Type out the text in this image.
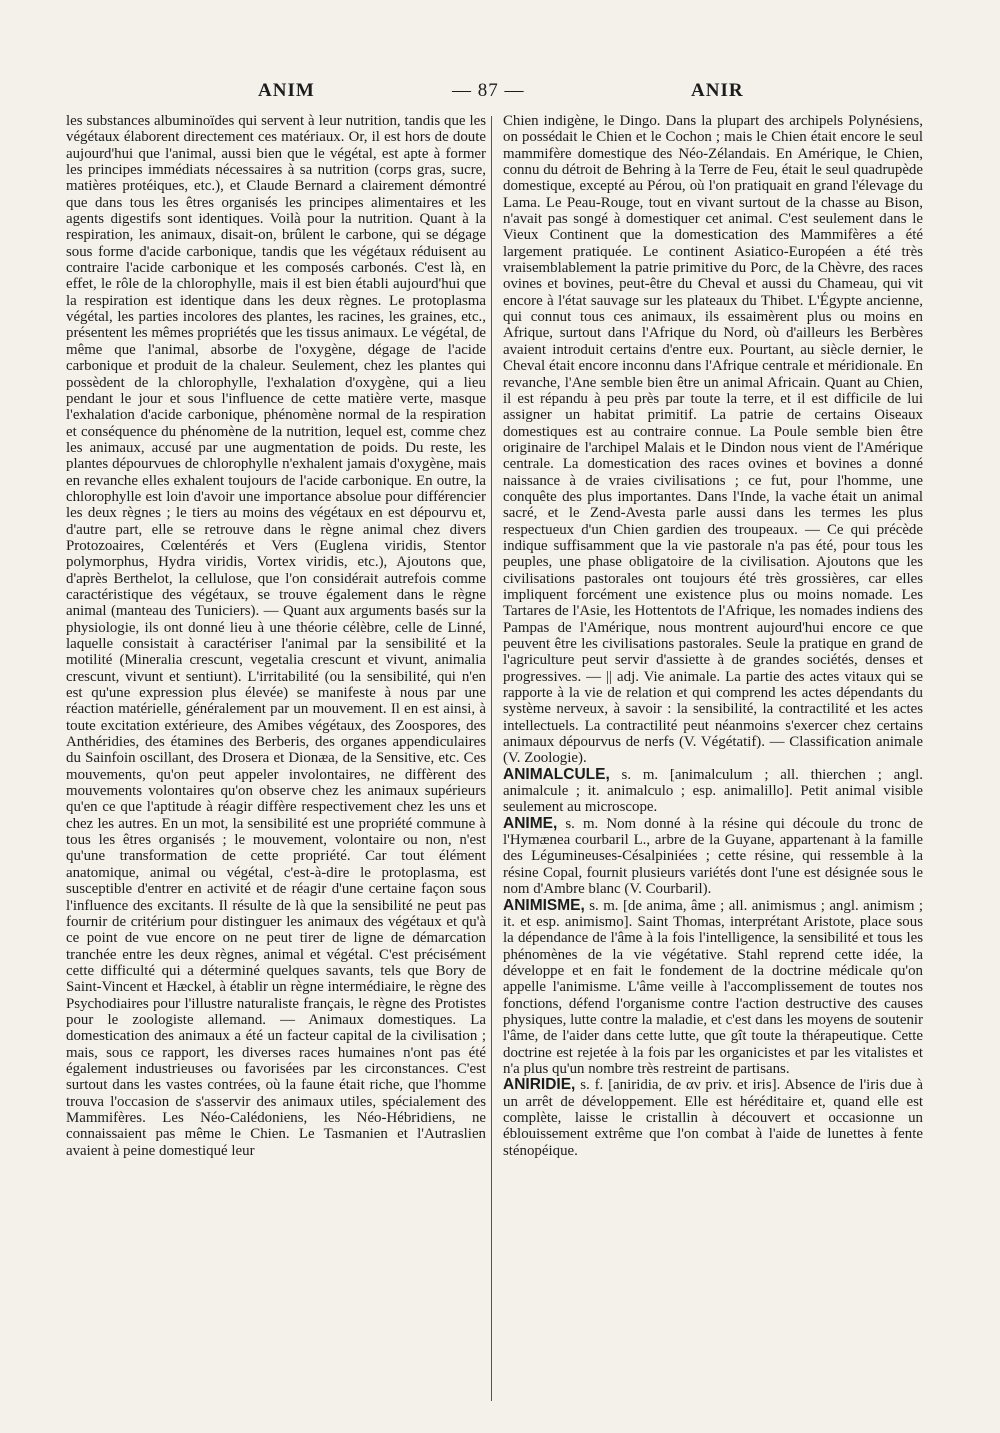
ANIM	— 87 —	ANIR

les substances albuminoïdes qui servent à leur nutrition, tandis que les végétaux élaborent directement ces matériaux. Or, il est hors de doute aujourd'hui que l'animal, aussi bien que le végétal, est apte à former les principes immédiats nécessaires à sa nutrition (corps gras, sucre, matières protéiques, etc.), et Claude Bernard a clairement démontré que dans tous les êtres organisés les principes alimentaires et les agents digestifs sont identiques. Voilà pour la nutrition. Quant à la respiration, les animaux, disait-on, brûlent le carbone, qui se dégage sous forme d'acide carbonique, tandis que les végétaux réduisent au contraire l'acide carbonique et les composés carbonés. C'est là, en effet, le rôle de la chlorophylle, mais il est bien établi aujourd'hui que la respiration est identique dans les deux règnes. Le protoplasma végétal, les parties incolores des plantes, les racines, les graines, etc., présentent les mêmes propriétés que les tissus animaux. Le végétal, de même que l'animal, absorbe de l'oxygène, dégage de l'acide carbonique et produit de la chaleur. Seulement, chez les plantes qui possèdent de la chlorophylle, l'exhalation d'oxygène, qui a lieu pendant le jour et sous l'influence de cette matière verte, masque l'exhalation d'acide carbonique, phénomène normal de la respiration et conséquence du phénomène de la nutrition, lequel est, comme chez les animaux, accusé par une augmentation de poids. Du reste, les plantes dépourvues de chlorophylle n'exhalent jamais d'oxygène, mais en revanche elles exhalent toujours de l'acide carbonique. En outre, la chlorophylle est loin d'avoir une importance absolue pour différencier les deux règnes ; le tiers au moins des végétaux en est dépourvu et, d'autre part, elle se retrouve dans le règne animal chez divers Protozoaires, Cœlentérés et Vers (Euglena viridis, Stentor polymorphus, Hydra viridis, Vortex viridis, etc.), Ajoutons que, d'après Berthelot, la cellulose, que l'on considérait autrefois comme caractéristique des végétaux, se trouve également dans le règne animal (manteau des Tuniciers). — Quant aux arguments basés sur la physiologie, ils ont donné lieu à une théorie célèbre, celle de Linné, laquelle consistait à caractériser l'animal par la sensibilité et la motilité (Mineralia crescunt, vegetalia crescunt et vivunt, animalia crescunt, vivunt et sentiunt). L'irritabilité (ou la sensibilité, qui n'en est qu'une expression plus élevée) se manifeste à nous par une réaction matérielle, généralement par un mouvement. Il en est ainsi, à toute excitation extérieure, des Amibes végétaux, des Zoospores, des Anthéridies, des étamines des Berberis, des organes appendiculaires du Sainfoin oscillant, des Drosera et Dionæa, de la Sensitive, etc. Ces mouvements, qu'on peut appeler involontaires, ne diffèrent des mouvements volontaires qu'on observe chez les animaux supérieurs qu'en ce que l'aptitude à réagir diffère respectivement chez les uns et chez les autres. En un mot, la sensibilité est une propriété commune à tous les êtres organisés ; le mouvement, volontaire ou non, n'est qu'une transformation de cette propriété. Car tout élément anatomique, animal ou végétal, c'est-à-dire le protoplasma, est susceptible d'entrer en activité et de réagir d'une certaine façon sous l'influence des excitants. Il résulte de là que la sensibilité ne peut pas fournir de critérium pour distinguer les animaux des végétaux et qu'à ce point de vue encore on ne peut tirer de ligne de démarcation tranchée entre les deux règnes, animal et végétal. C'est précisément cette difficulté qui a déterminé quelques savants, tels que Bory de Saint-Vincent et Hæckel, à établir un règne intermédiaire, le règne des Psychodiaires pour l'illustre naturaliste français, le règne des Protistes pour le zoologiste allemand. — Animaux domestiques. La domestication des animaux a été un facteur capital de la civilisation ; mais, sous ce rapport, les diverses races humaines n'ont pas été également industrieuses ou favorisées par les circonstances. C'est surtout dans les vastes contrées, où la faune était riche, que l'homme trouva l'occasion de s'asservir des animaux utiles, spécialement des Mammifères. Les Néo-Calédoniens, les Néo-Hébridiens, ne connaissaient pas même le Chien. Le Tasmanien et l'Autraslien avaient à peine domestiqué leur

Chien indigène, le Dingo. Dans la plupart des archipels Polynésiens, on possédait le Chien et le Cochon ; mais le Chien était encore le seul mammifère domestique des Néo-Zélandais. En Amérique, le Chien, connu du détroit de Behring à la Terre de Feu, était le seul quadrupède domestique, excepté au Pérou, où l'on pratiquait en grand l'élevage du Lama. Le Peau-Rouge, tout en vivant surtout de la chasse au Bison, n'avait pas songé à domestiquer cet animal. C'est seulement dans le Vieux Continent que la domestication des Mammifères a été largement pratiquée. Le continent Asiatico-Européen a été très vraisemblablement la patrie primitive du Porc, de la Chèvre, des races ovines et bovines, peut-être du Cheval et aussi du Chameau, qui vit encore à l'état sauvage sur les plateaux du Thibet. L'Égypte ancienne, qui connut tous ces animaux, ils essaimèrent plus ou moins en Afrique, surtout dans l'Afrique du Nord, où d'ailleurs les Berbères avaient introduit certains d'entre eux. Pourtant, au siècle dernier, le Cheval était encore inconnu dans l'Afrique centrale et méridionale. En revanche, l'Ane semble bien être un animal Africain. Quant au Chien, il est répandu à peu près par toute la terre, et il est difficile de lui assigner un habitat primitif. La patrie de certains Oiseaux domestiques est au contraire connue. La Poule semble bien être originaire de l'archipel Malais et le Dindon nous vient de l'Amérique centrale. La domestication des races ovines et bovines a donné naissance à de vraies civilisations ; ce fut, pour l'homme, une conquête des plus importantes. Dans l'Inde, la vache était un animal sacré, et le Zend-Avesta parle aussi dans les termes les plus respectueux d'un Chien gardien des troupeaux. — Ce qui précède indique suffisamment que la vie pastorale n'a pas été, pour tous les peuples, une phase obligatoire de la civilisation. Ajoutons que les civilisations pastorales ont toujours été très grossières, car elles impliquent forcément une existence plus ou moins nomade. Les Tartares de l'Asie, les Hottentots de l'Afrique, les nomades indiens des Pampas de l'Amérique, nous montrent aujourd'hui encore ce que peuvent être les civilisations pastorales. Seule la pratique en grand de l'agriculture peut servir d'assiette à de grandes sociétés, denses et progressives. — || adj. Vie animale. La partie des actes vitaux qui se rapporte à la vie de relation et qui comprend les actes dépendants du système nerveux, à savoir : la sensibilité, la contractilité et les actes intellectuels. La contractilité peut néanmoins s'exercer chez certains animaux dépourvus de nerfs (V. Végétatif). — Classification animale (V. Zoologie).

ANIMALCULE, s. m. [animalculum ; all. thierchen ; angl. animalcule ; it. animalculo ; esp. animalillo]. Petit animal visible seulement au microscope.

ANIME, s. m. Nom donné à la résine qui découle du tronc de l'Hymænea courbaril L., arbre de la Guyane, appartenant à la famille des Légumineuses-Césalpiniées ; cette résine, qui ressemble à la résine Copal, fournit plusieurs variétés dont l'une est désignée sous le nom d'Ambre blanc (V. Courbaril).

ANIMISME, s. m. [de anima, âme ; all. animismus ; angl. animism ; it. et esp. animismo]. Saint Thomas, interprétant Aristote, place sous la dépendance de l'âme à la fois l'intelligence, la sensibilité et tous les phénomènes de la vie végétative. Stahl reprend cette idée, la développe et en fait le fondement de la doctrine médicale qu'on appelle l'animisme. L'âme veille à l'accomplissement de toutes nos fonctions, défend l'organisme contre l'action destructive des causes physiques, lutte contre la maladie, et c'est dans les moyens de soutenir l'âme, de l'aider dans cette lutte, que gît toute la thérapeutique. Cette doctrine est rejetée à la fois par les organicistes et par les vitalistes et n'a plus qu'un nombre très restreint de partisans.

ANIRIDIE, s. f. [aniridia, de αν priv. et iris]. Absence de l'iris due à un arrêt de développement. Elle est héréditaire et, quand elle est complète, laisse le cristallin à découvert et occasionne un éblouissement extrême que l'on combat à l'aide de lunettes à fente sténopéique.
